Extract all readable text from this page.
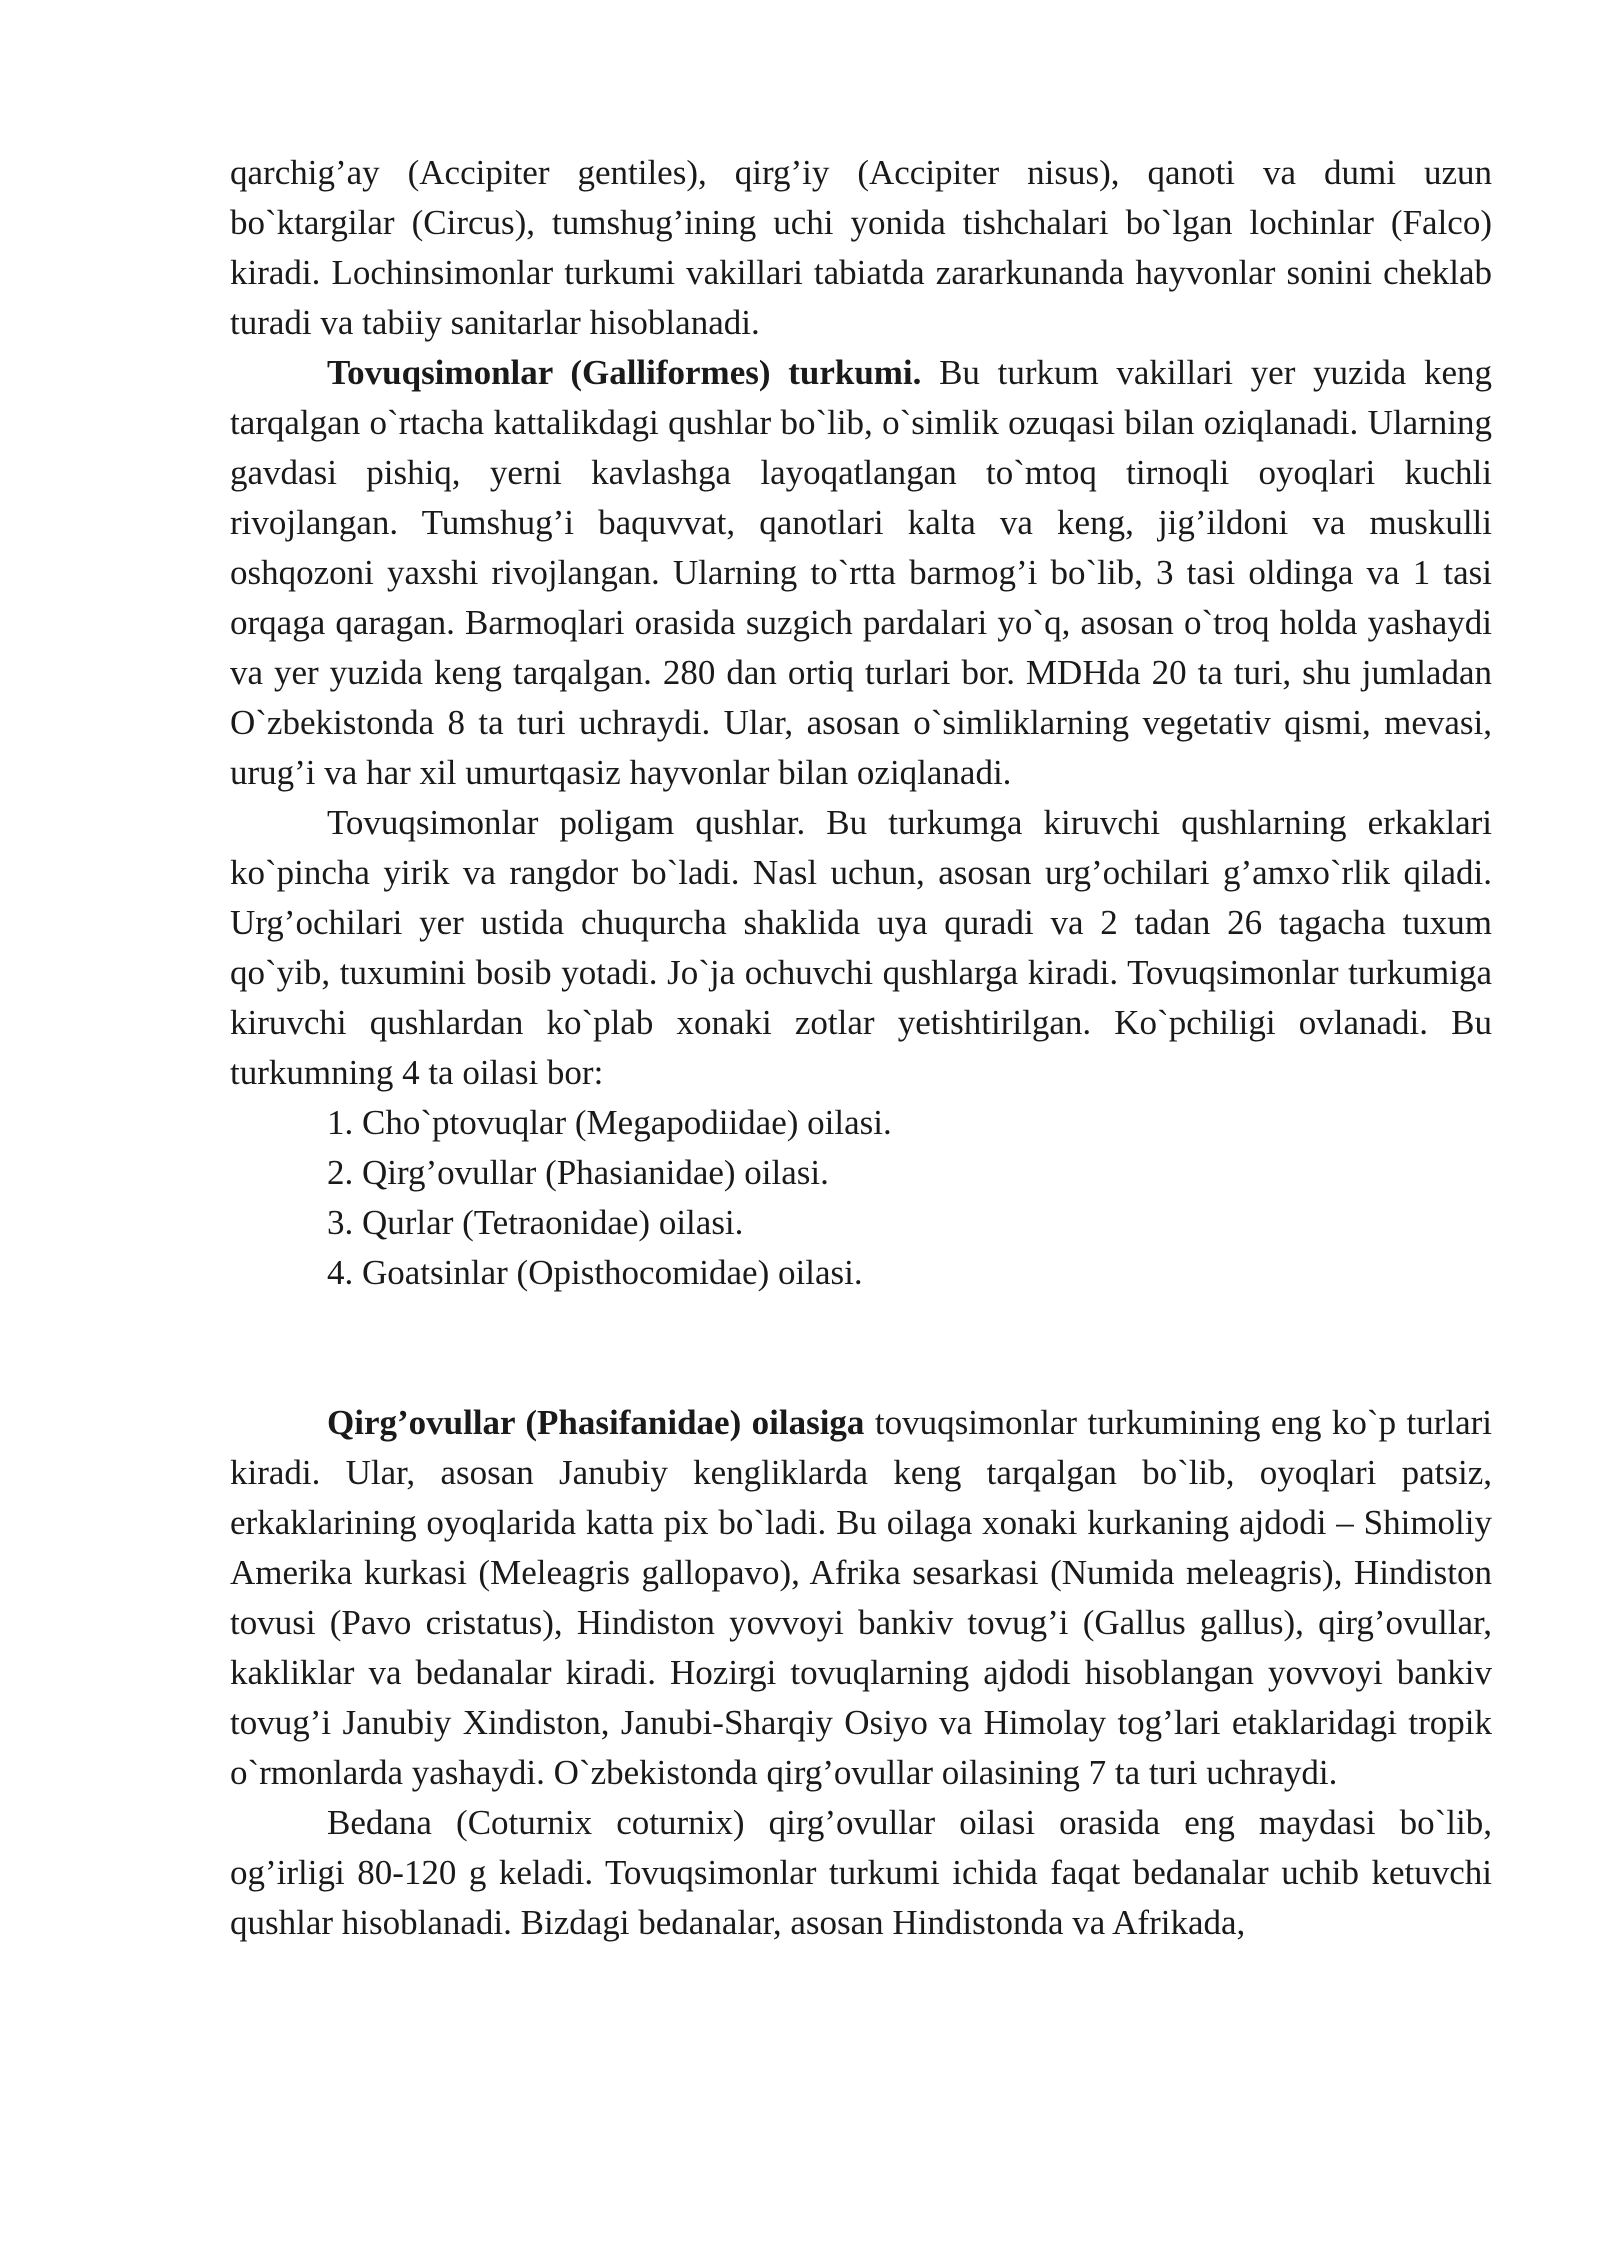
qarchig’ay (Accipiter gentiles), qirg’iy (Accipiter nisus), qanoti va dumi uzun bo`ktargilar (Circus), tumshug’ining uchi yonida tishchalari bo`lgan lochinlar (Falco) kiradi. Lochinsimonlar turkumi vakillari tabiatda zararkunanda hayvonlar sonini cheklab turadi va tabiiy sanitarlar hisoblanadi.

Tovuqsimonlar (Galliformes) turkumi. Bu turkum vakillari yer yuzida keng tarqalgan o`rtacha kattalikdagi qushlar bo`lib, o`simlik ozuqasi bilan oziqlanadi. Ularning gavdasi pishiq, yerni kavlashga layoqatlangan to`mtoq tirnoqli oyoqlari kuchli rivojlangan. Tumshug’i baquvvat, qanotlari kalta va keng, jig’ildoni va muskulli oshqozoni yaxshi rivojlangan. Ularning to`rtta barmog’i bo`lib, 3 tasi oldinga va 1 tasi orqaga qaragan. Barmoqlari orasida suzgich pardalari yo`q, asosan o`troq holda yashaydi va yer yuzida keng tarqalgan. 280 dan ortiq turlari bor. MDHda 20 ta turi, shu jumladan O`zbekistonda 8 ta turi uchraydi. Ular, asosan o`simliklarning vegetativ qismi, mevasi, urug’i va har xil umurtqasiz hayvonlar bilan oziqlanadi.

Tovuqsimonlar poligam qushlar. Bu turkumga kiruvchi qushlarning erkaklari ko`pincha yirik va rangdor bo`ladi. Nasl uchun, asosan urg’ochilari g’amxo`rlik qiladi. Urg’ochilari yer ustida chuqurcha shaklida uya quradi va 2 tadan 26 tagacha tuxum qo`yib, tuxumini bosib yotadi. Jo`ja ochuvchi qushlarga kiradi. Tovuqsimonlar turkumiga kiruvchi qushlardan ko`plab xonaki zotlar yetishtirilgan. Ko`pchiligi ovlanadi. Bu turkumning 4 ta oilasi bor:

1. Cho`ptovuqlar (Megapodiidae) oilasi.
2. Qirg’ovullar (Phasianidae) oilasi.
3. Qurlar (Tetraonidae) oilasi.
4. Goatsinlar (Opisthocomidae) oilasi.

Qirg’ovullar (Phasifanidae) oilasiga tovuqsimonlar turkumining eng ko`p turlari kiradi. Ular, asosan Janubiy kengliklarda keng tarqalgan bo`lib, oyoqlari patsiz, erkaklarining oyoqlarida katta pix bo`ladi. Bu oilaga xonaki kurkaning ajdodi – Shimoliy Amerika kurkasi (Meleagris gallopavo), Afrika sesarkasi (Numida meleagris), Hindiston tovusi (Pavo cristatus), Hindiston yovvoyi bankiv tovug’i (Gallus gallus), qirg’ovullar, kakliklar va bedanalar kiradi. Hozirgi tovuqlarning ajdodi hisoblangan yovvoyi bankiv tovug’i Janubiy Xindiston, Janubi-Sharqiy Osiyo va Himolay tog’lari etaklaridagi tropik o`rmonlarda yashaydi. O`zbekistonda qirg’ovullar oilasining 7 ta turi uchraydi.

Bedana (Coturnix coturnix) qirg’ovullar oilasi orasida eng maydasi bo`lib, og’irligi 80-120 g keladi. Tovuqsimonlar turkumi ichida faqat bedanalar uchib ketuvchi qushlar hisoblanadi. Bizdagi bedanalar, asosan Hindistonda va Afrikada,
